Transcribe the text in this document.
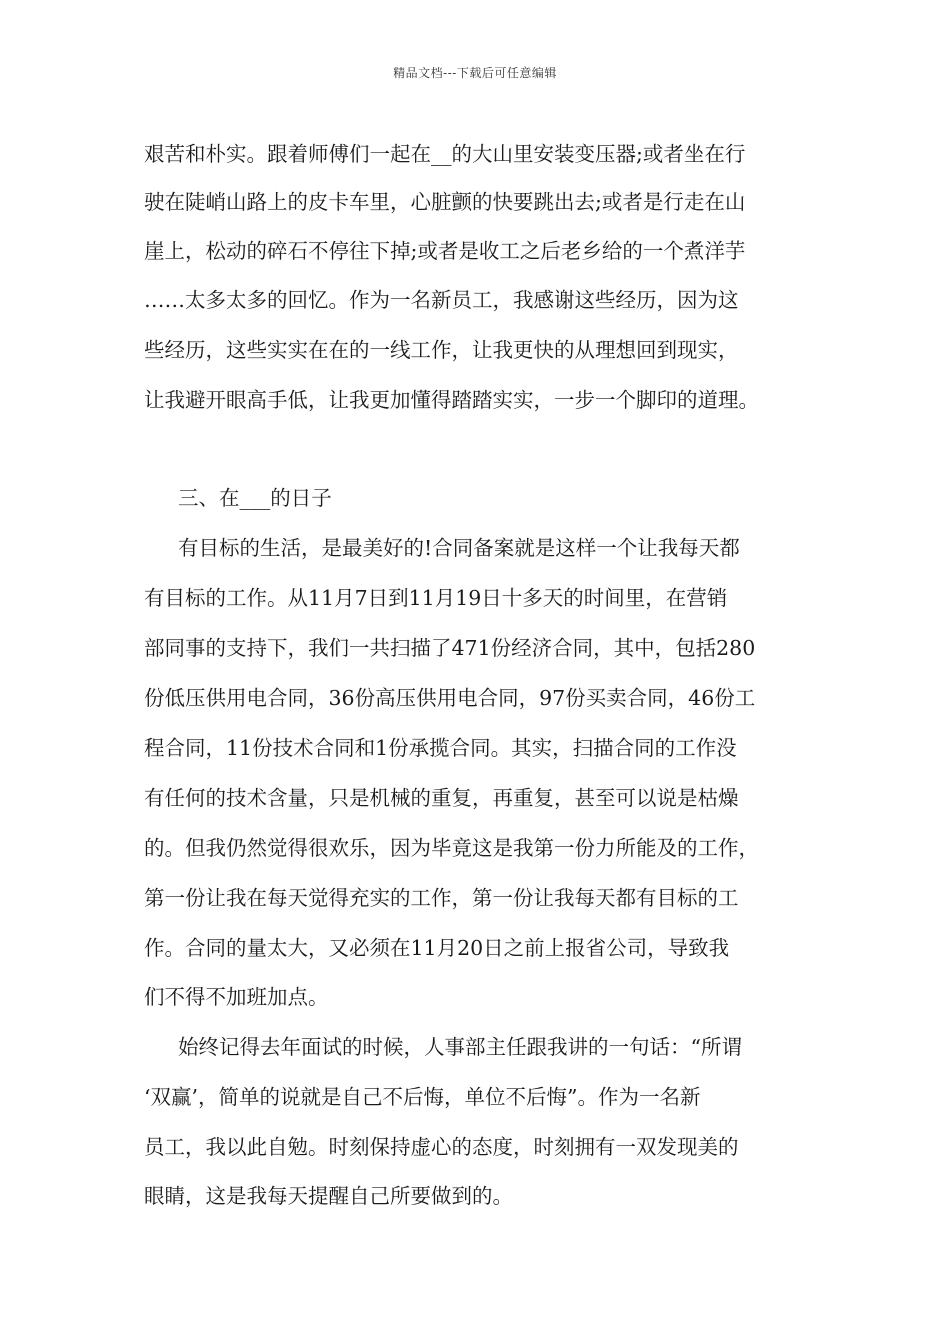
精品文档---下载后可任意编辑
艰苦和朴实。跟着师傅们一起在__的大山里安装变压器;或者坐在行
驶在陡峭山路上的皮卡车里，心脏颤的快要跳出去;或者是行走在山
崖上，松动的碎石不停往下掉;或者是收工之后老乡给的一个煮洋芋
……太多太多的回忆。作为一名新员工，我感谢这些经历，因为这
些经历，这些实实在在的一线工作，让我更快的从理想回到现实，
让我避开眼高手低，让我更加懂得踏踏实实，一步一个脚印的道理。
三、在___的日子
有目标的生活，是最美好的!合同备案就是这样一个让我每天都
有目标的工作。从11月7日到11月19日十多天的时间里，在营销
部同事的支持下，我们一共扫描了471份经济合同，其中，包括280
份低压供用电合同，36份高压供用电合同，97份买卖合同，46份工
程合同，11份技术合同和1份承揽合同。其实，扫描合同的工作没
有任何的技术含量，只是机械的重复，再重复，甚至可以说是枯燥
的。但我仍然觉得很欢乐，因为毕竟这是我第一份力所能及的工作，
第一份让我在每天觉得充实的工作，第一份让我每天都有目标的工
作。合同的量太大，又必须在11月20日之前上报省公司，导致我
们不得不加班加点。
始终记得去年面试的时候，人事部主任跟我讲的一句话：“所谓
‘双赢’，简单的说就是自己不后悔，单位不后悔”。作为一名新
员工，我以此自勉。时刻保持虚心的态度，时刻拥有一双发现美的
眼睛，这是我每天提醒自己所要做到的。
